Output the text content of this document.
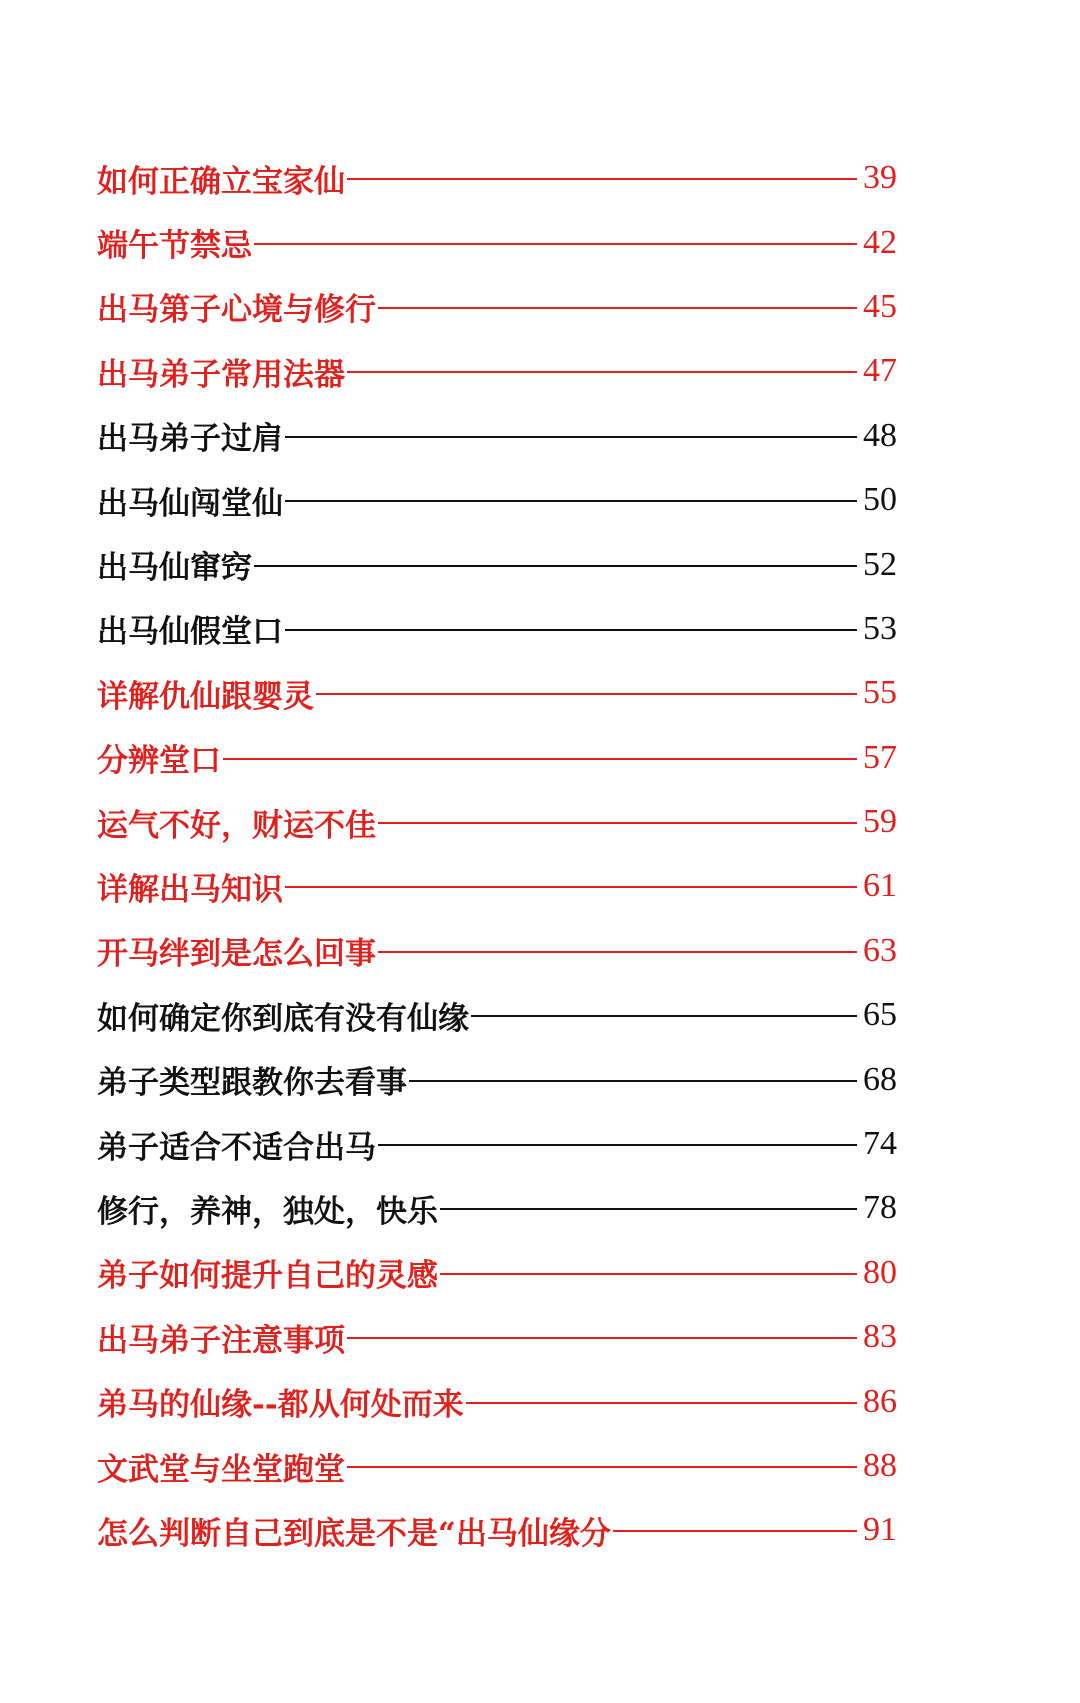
如何正确立宝家仙	39
端午节禁忌	42
出马第子心境与修行	45
出马弟子常用法器	47
出马弟子过肩	48
出马仙闯堂仙	50
出马仙窜窍	52
出马仙假堂口	53
详解仇仙跟婴灵	55
分辨堂口	57
运气不好，财运不佳	59
详解出马知识	61
开马绊到是怎么回事	63
如何确定你到底有没有仙缘	65
弟子类型跟教你去看事	68
弟子适合不适合出马	74
修行，养神，独处，快乐	78
弟子如何提升自己的灵感	80
出马弟子注意事项	83
弟马的仙缘--都从何处而来	86
文武堂与坐堂跑堂	88
怎么判断自己到底是不是“出马仙缘分	91
